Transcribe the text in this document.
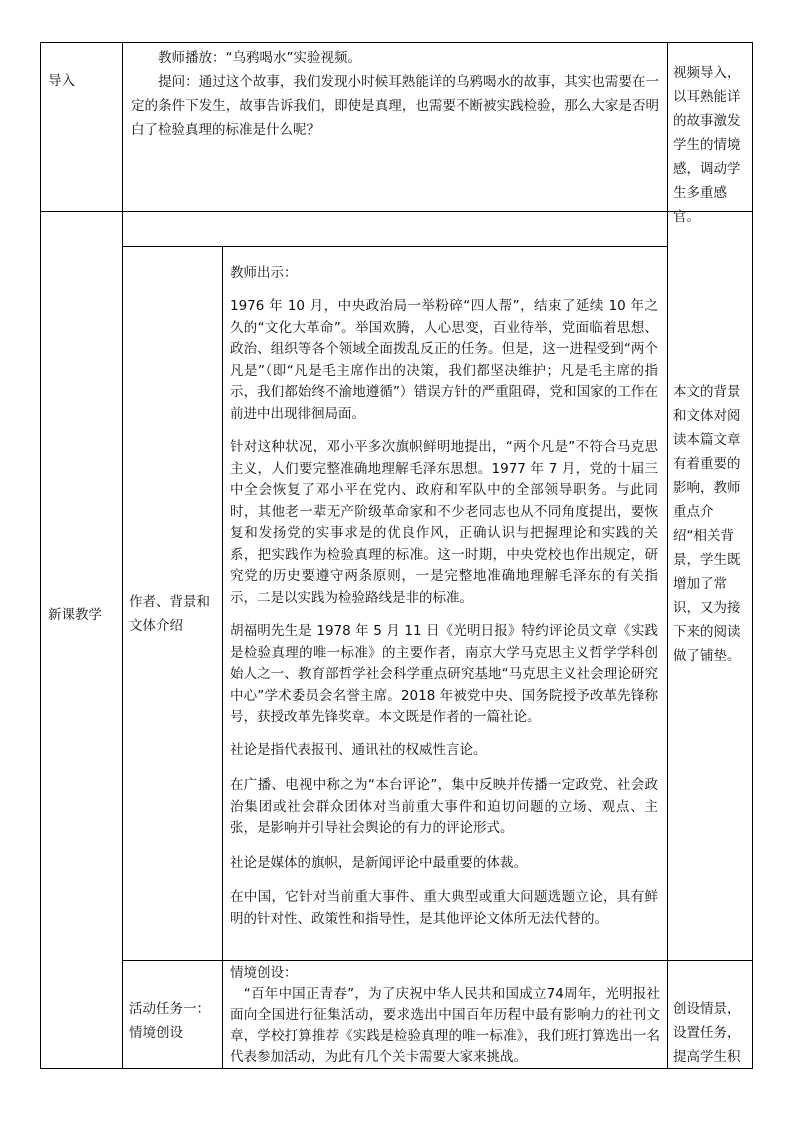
导入
　　教师播放：“乌鸦喝水”实验视频。
　　提问：通过这个故事，我们发现小时候耳熟能详的乌鸦喝水的故事，其实也需要在一定的条件下发生，故事告诉我们，即使是真理，也需要不断被实践检验，那么大家是否明白了检验真理的标准是什么呢？
视频导入，以耳熟能详的故事激发学生的情境感，调动学生多重感官。
新课教学
作者、背景和文体介绍
教师出示：
1976 年 10 月，中央政治局一举粉碎“四人帮”，结束了延续 10 年之久的“文化大革命”。举国欢腾，人心思变，百业待举，党面临着思想、政治、组织等各个领域全面拨乱反正的任务。但是，这一进程受到“两个凡是”（即“凡是毛主席作出的决策，我们都坚决维护；凡是毛主席的指示，我们都始终不渝地遵循”）错误方针的严重阻碍，党和国家的工作在前进中出现徘徊局面。
针对这种状况，邓小平多次旗帜鲜明地提出，“两个凡是”不符合马克思主义，人们要完整准确地理解毛泽东思想。1977 年 7 月，党的十届三中全会恢复了邓小平在党内、政府和军队中的全部领导职务。与此同时，其他老一辈无产阶级革命家和不少老同志也从不同角度提出，要恢复和发扬党的实事求是的优良作风，正确认识与把握理论和实践的关系，把实践作为检验真理的标准。这一时期，中央党校也作出规定，研究党的历史要遵守两条原则，一是完整地准确地理解毛泽东的有关指示，二是以实践为检验路线是非的标准。
胡福明先生是 1978 年 5 月 11 日《光明日报》特约评论员文章《实践是检验真理的唯一标准》的主要作者，南京大学马克思主义哲学学科创始人之一、教育部哲学社会科学重点研究基地“马克思主义社会理论研究中心”学术委员会名誉主席。2018 年被党中央、国务院授予改革先锋称号，获授改革先锋奖章。本文既是作者的一篇社论。
社论是指代表报刊、通讯社的权威性言论。
在广播、电视中称之为“本台评论”，集中反映并传播一定政党、社会政治集团或社会群众团体对当前重大事件和迫切问题的立场、观点、主张，是影响并引导社会舆论的有力的评论形式。
社论是媒体的旗帜，是新闻评论中最重要的体裁。
在中国，它针对当前重大事件、重大典型或重大问题选题立论，具有鲜明的针对性、政策性和指导性，是其他评论文体所无法代替的。
本文的背景和文体对阅读本篇文章有着重要的影响，教师重点介绍“相关背景，学生既增加了常识，又为接下来的阅读做了铺垫。
活动任务一：情境创设
情境创设：
　“百年中国正青春”，为了庆祝中华人民共和国成立74周年，光明报社面向全国进行征集活动，要求选出中国百年历程中最有影响力的社刊文章，学校打算推荐《实践是检验真理的唯一标准》，我们班打算选出一名代表参加活动，为此有几个关卡需要大家来挑战。
创设情景，设置任务，提高学生积
